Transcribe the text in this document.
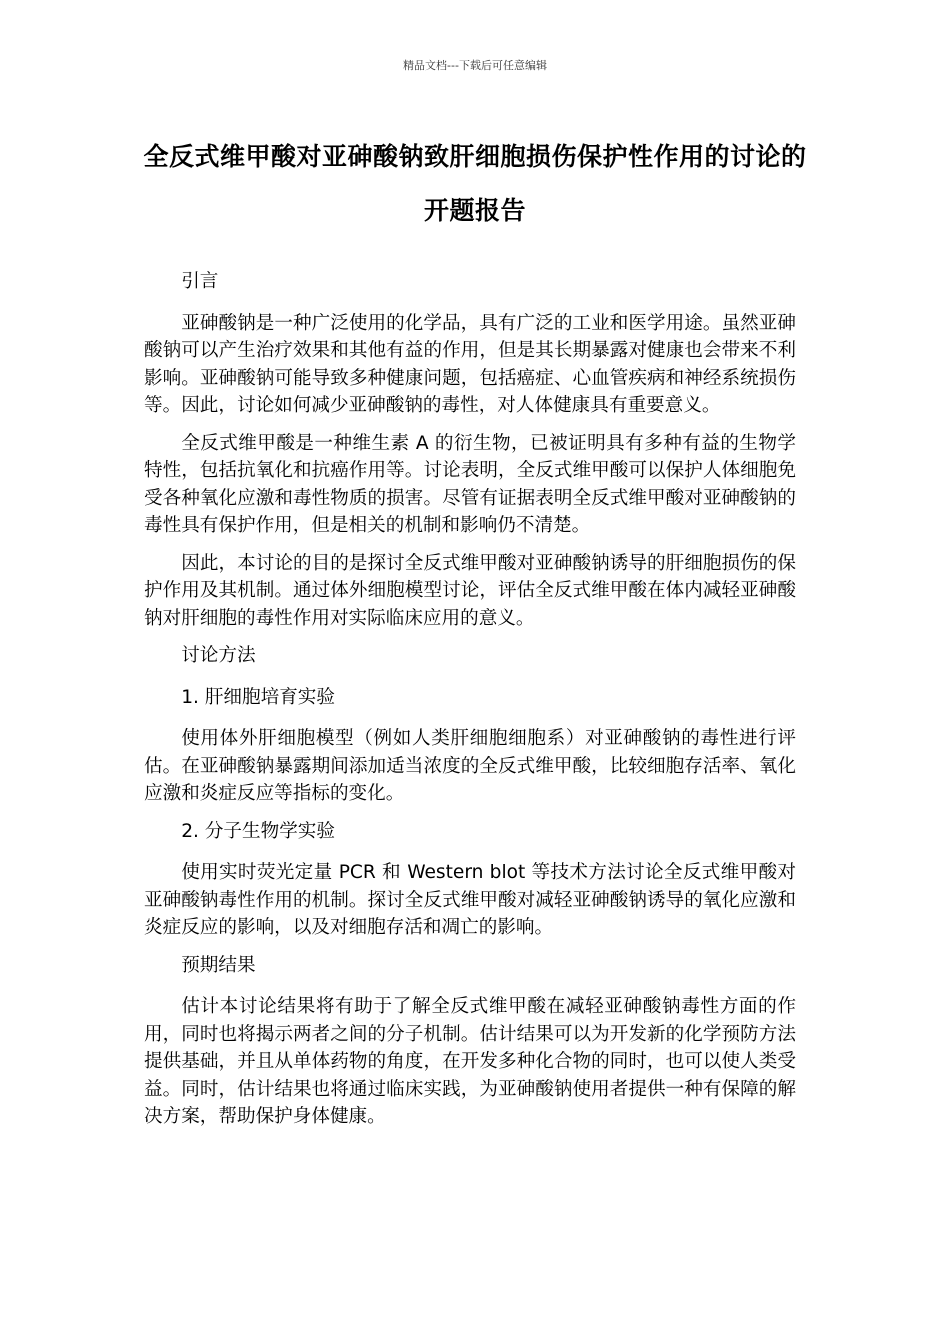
精品文档---下载后可任意编辑
全反式维甲酸对亚砷酸钠致肝细胞损伤保护性作用的讨论的开题报告

引言

亚砷酸钠是一种广泛使用的化学品，具有广泛的工业和医学用途。虽然亚砷酸钠可以产生治疗效果和其他有益的作用，但是其长期暴露对健康也会带来不利影响。亚砷酸钠可能导致多种健康问题，包括癌症、心血管疾病和神经系统损伤等。因此，讨论如何减少亚砷酸钠的毒性，对人体健康具有重要意义。

全反式维甲酸是一种维生素 A 的衍生物，已被证明具有多种有益的生物学特性，包括抗氧化和抗癌作用等。讨论表明，全反式维甲酸可以保护人体细胞免受各种氧化应激和毒性物质的损害。尽管有证据表明全反式维甲酸对亚砷酸钠的毒性具有保护作用，但是相关的机制和影响仍不清楚。

因此，本讨论的目的是探讨全反式维甲酸对亚砷酸钠诱导的肝细胞损伤的保护作用及其机制。通过体外细胞模型讨论，评估全反式维甲酸在体内减轻亚砷酸钠对肝细胞的毒性作用对实际临床应用的意义。

讨论方法

1. 肝细胞培育实验

使用体外肝细胞模型（例如人类肝细胞细胞系）对亚砷酸钠的毒性进行评估。在亚砷酸钠暴露期间添加适当浓度的全反式维甲酸，比较细胞存活率、氧化应激和炎症反应等指标的变化。

2. 分子生物学实验

使用实时荧光定量 PCR 和 Western blot 等技术方法讨论全反式维甲酸对亚砷酸钠毒性作用的机制。探讨全反式维甲酸对减轻亚砷酸钠诱导的氧化应激和炎症反应的影响，以及对细胞存活和凋亡的影响。

预期结果

估计本讨论结果将有助于了解全反式维甲酸在减轻亚砷酸钠毒性方面的作用，同时也将揭示两者之间的分子机制。估计结果可以为开发新的化学预防方法提供基础，并且从单体药物的角度，在开发多种化合物的同时，也可以使人类受益。同时，估计结果也将通过临床实践，为亚砷酸钠使用者提供一种有保障的解决方案，帮助保护身体健康。
